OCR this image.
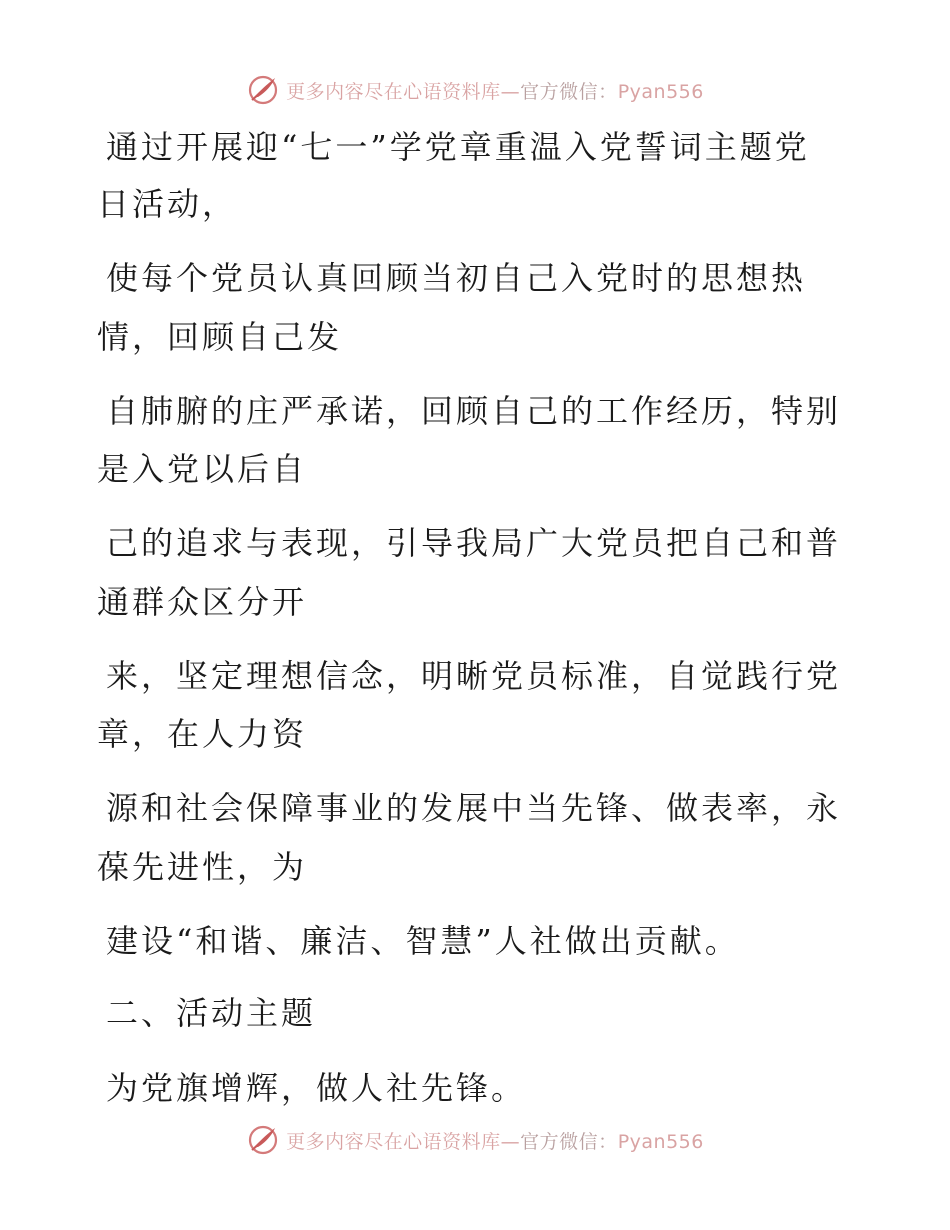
更多内容尽在心语资料库—官方微信：Pyan556
通过开展迎“七一”学党章重温入党誓词主题党
日活动，
使每个党员认真回顾当初自己入党时的思想热
情，回顾自己发
自肺腑的庄严承诺，回顾自己的工作经历，特别
是入党以后自
己的追求与表现，引导我局广大党员把自己和普
通群众区分开
来，坚定理想信念，明晰党员标准，自觉践行党
章，在人力资
源和社会保障事业的发展中当先锋、做表率，永
葆先进性，为
建设“和谐、廉洁、智慧”人社做出贡献。
二、活动主题
为党旗增辉，做人社先锋。
更多内容尽在心语资料库—官方微信：Pyan556
